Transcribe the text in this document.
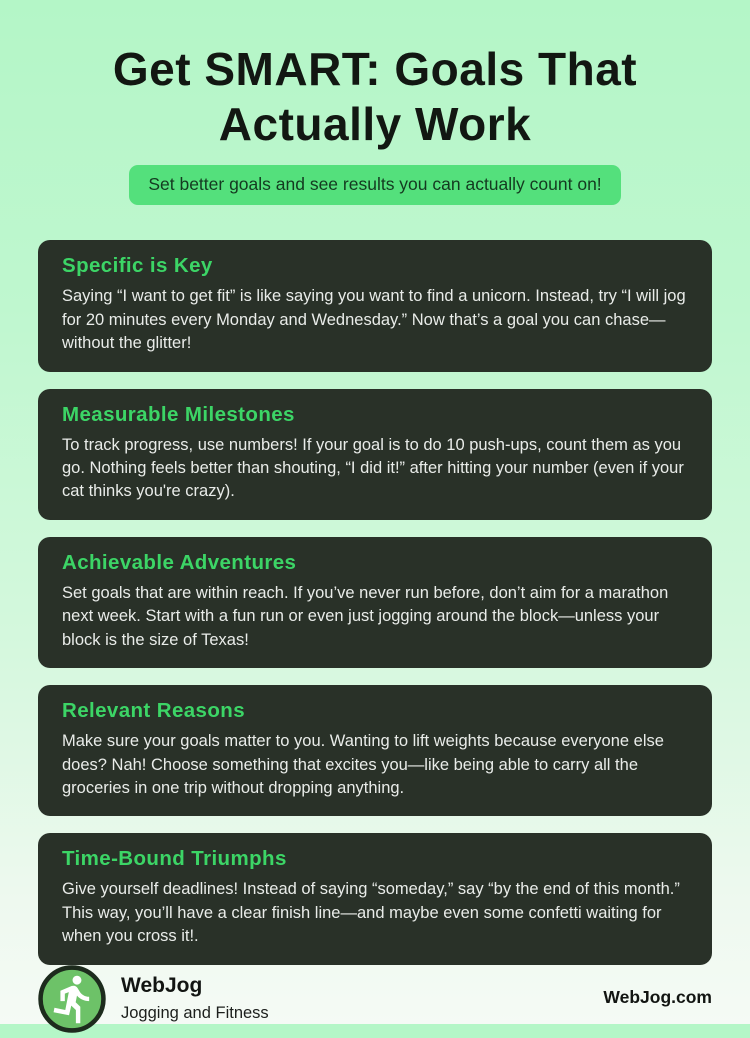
Get SMART: Goals That
Actually Work
Set better goals and see results you can actually count on!
Specific is Key

Saying “I want to get fit” is like saying you want to find a unicorn. Instead, try “I will jog for 20 minutes every Monday and Wednesday.” Now that’s a goal you can chase—without the glitter!

Measurable Milestones

To track progress, use numbers! If your goal is to do 10 push-ups, count them as you go. Nothing feels better than shouting, “I did it!” after hitting your number (even if your cat thinks you're crazy).

Achievable Adventures

Set goals that are within reach. If you’ve never run before, don’t aim for a marathon next week. Start with a fun run or even just jogging around the block—unless your block is the size of Texas!

Relevant Reasons

Make sure your goals matter to you. Wanting to lift weights because everyone else does? Nah! Choose something that excites you—like being able to carry all the groceries in one trip without dropping anything.

Time-Bound Triumphs

Give yourself deadlines! Instead of saying “someday,” say “by the end of this month.” This way, you’ll have a clear finish line—and maybe even some confetti waiting for when you cross it!.

WebJog
Jogging and Fitness
WebJog.com
